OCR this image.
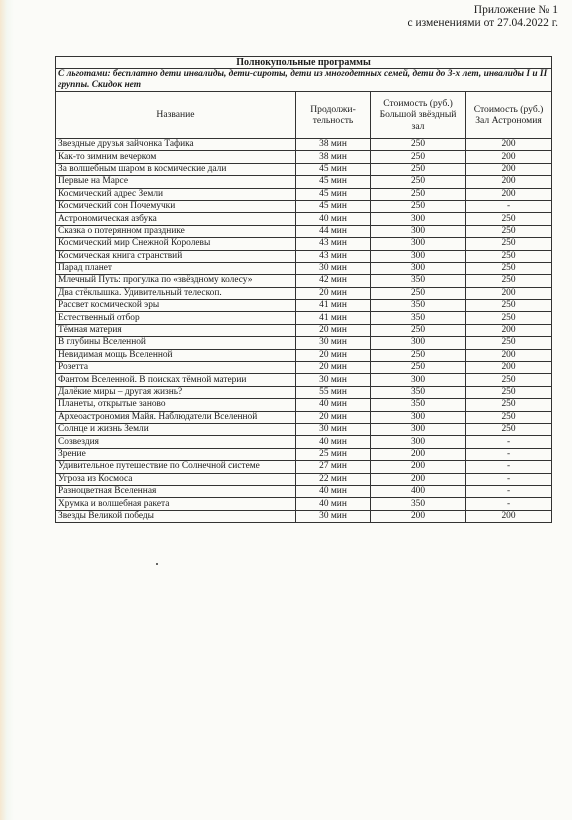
Приложение № 1
с изменениями от 27.04.2022 г.
Полнокупольные программы			
С льготами: бесплатно дети инвалиды, дети-сироты, дети из многодетных семей, дети до 3-х лет, инвалиды I и II группы. Скидок нет			
Название	Продолжи-тельность	Стоимость (руб.) Большой звёздный зал	Стоимость (руб.) Зал Астрономия
Звездные друзья зайчонка Тафика	38 мин	250	200
Как-то зимним вечерком	38 мин	250	200
За волшебным шаром в космические дали	45 мин	250	200
Первые на Марсе	45 мин	250	200
Космический адрес Земли	45 мин	250	200
Космический сон Почемучки	45 мин	250	-
Астрономическая азбука	40 мин	300	250
Сказка о потерянном празднике	44 мин	300	250
Космический мир Снежной Королевы	43 мин	300	250
Космическая книга странствий	43 мин	300	250
Парад планет	30 мин	300	250
Млечный Путь: прогулка по «звёздному колесу»	42 мин	350	250
Два стёклышка. Удивительный телескоп.	20 мин	250	200
Рассвет космической эры	41 мин	350	250
Естественный отбор	41 мин	350	250
Тёмная материя	20 мин	250	200
В глубины Вселенной	30 мин	300	250
Невидимая мощь Вселенной	20 мин	250	200
Розетта	20 мин	250	200
Фантом Вселенной. В поисках тёмной материи	30 мин	300	250
Далёкие миры – другая жизнь?	55 мин	350	250
Планеты, открытые заново	40 мин	350	250
Археоастрономия Майя. Наблюдатели Вселенной	20 мин	300	250
Солнце и жизнь Земли	30 мин	300	250
Созвездия	40 мин	300	-
Зрение	25 мин	200	-
Удивительное путешествие по Солнечной системе	27 мин	200	-
Угроза из Космоса	22 мин	200	-
Разноцветная Вселенная	40 мин	400	-
Хрумка и волшебная ракета	40 мин	350	-
Звезды Великой победы	30 мин	200	200
